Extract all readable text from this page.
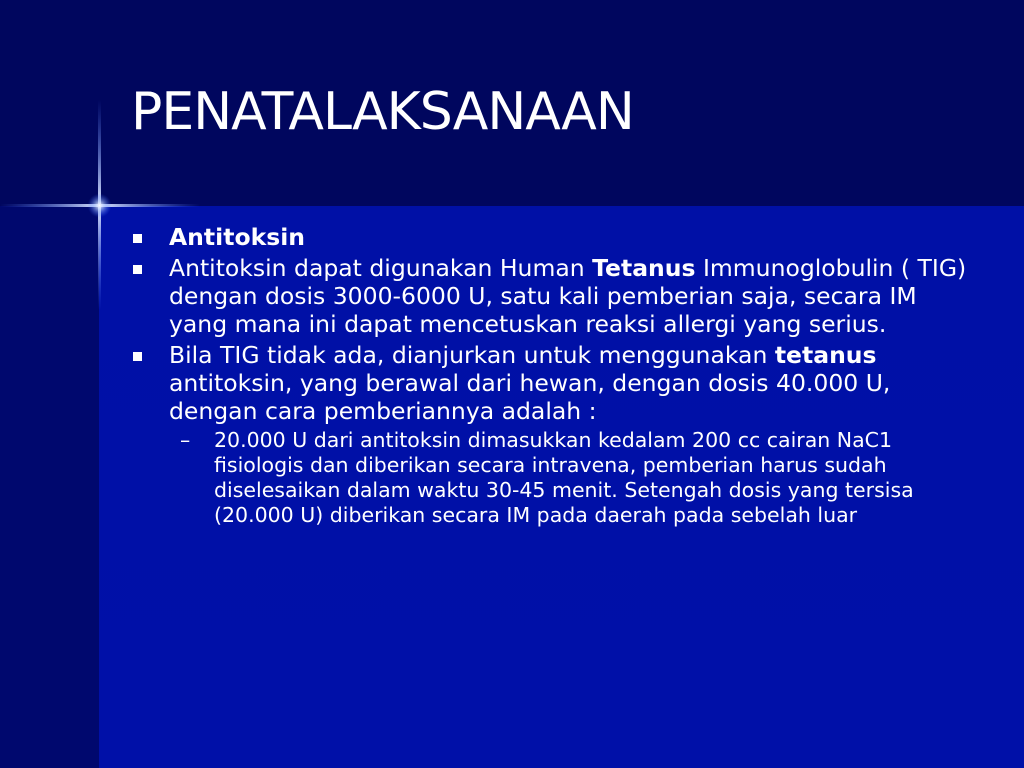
PENATALAKSANAAN
Antitoksin
Antitoksin dapat digunakan Human Tetanus Immunoglobulin ( TIG) dengan dosis 3000-6000 U, satu kali pemberian saja, secara IM yang mana ini dapat mencetuskan reaksi allergi yang serius.
Bila TIG tidak ada, dianjurkan untuk menggunakan tetanus antitoksin, yang berawal dari hewan, dengan dosis 40.000 U, dengan cara pemberiannya adalah :
– 20.000 U dari antitoksin dimasukkan kedalam 200 cc cairan NaC1 fisiologis dan diberikan secara intravena, pemberian harus sudah diselesaikan dalam waktu 30-45 menit. Setengah dosis yang tersisa (20.000 U) diberikan secara IM pada daerah pada sebelah luar
